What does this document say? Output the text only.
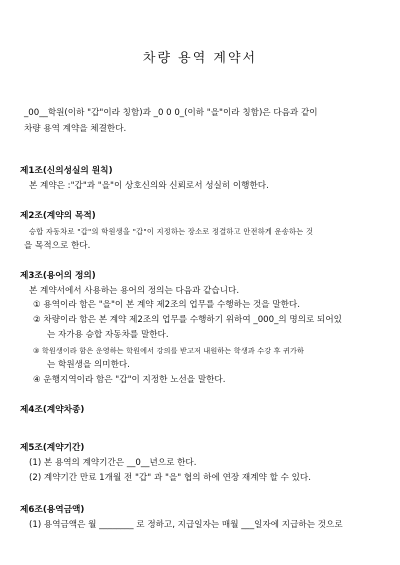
차량 용역 계약서
_00__학원(이하 "갑"이라 칭함)과 _0 0 0_(이하 "을"이라 칭함)은 다음과 같이
차량 용역 계약을 체결한다.
제1조(신의성실의 원칙)
본 계약은 :"갑"과 "을"이 상호신의와 신뢰로서 성실히 이행한다.
제2조(계약의 목적)
승합 자동차로 "갑"의 학원생을 "갑"이 지정하는 장소로 정결하고 안전하게 운송하는 것
을 목적으로 한다.
제3조(용어의 정의)
본 계약서에서 사용하는 용어의 정의는 다음과 같습니다.
① 용역이라 함은 "을"이 본 계약 제2조의 업무를 수행하는 것을 말한다.
② 차량이라 함은 본 계약 제2조의 업무를 수행하기 위하여 _000_의 명의로 되어있
는 자가용 승합 자동차를 말한다.
③ 학원생이라 함은 운영하는 학원에서 강의를 받고저 내원하는 학생과 수강 후 귀가하
는 학원생을 의미한다.
④ 운행지역이라 함은 "갑"이 지정한 노선을 말한다.
제4조(계약차종)
제5조(계약기간)
(1) 본 용역의 계약기간은 __0__년으로 한다.
(2) 계약기간 만료 1개월 전 "갑" 과 "을" 협의 하에 연장 재계약 할 수 있다.
제6조(용역금액)
(1) 용역금액은 월 ________ 로 정하고, 지급일자는 매월 ___일자에 지급하는 것으로
